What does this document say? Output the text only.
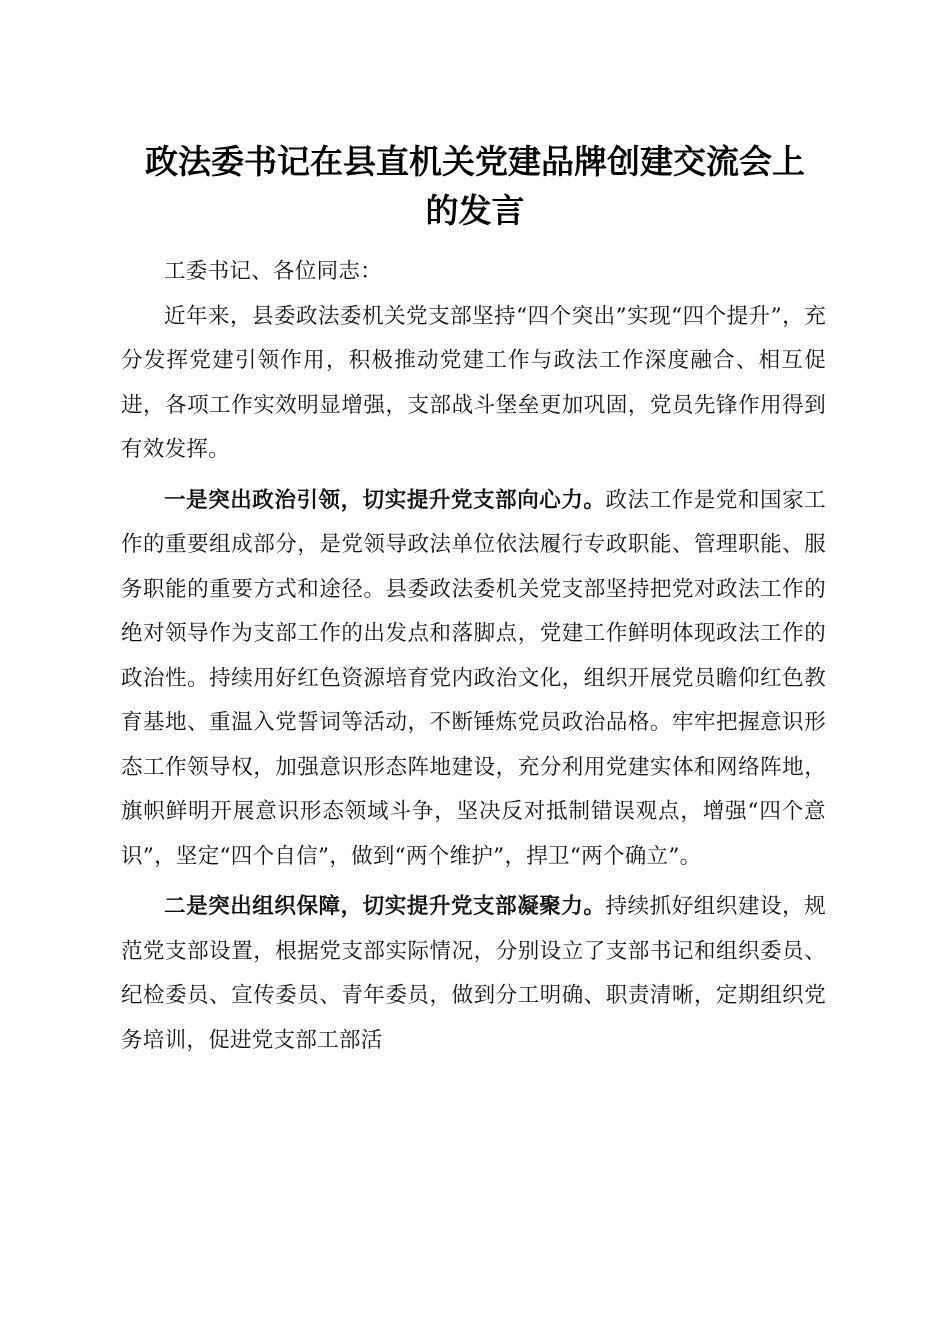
政法委书记在县直机关党建品牌创建交流会上
的发言

工委书记、各位同志：

近年来，县委政法委机关党支部坚持“四个突出”实现“四个提升”，充分发挥党建引领作用，积极推动党建工作与政法工作深度融合、相互促进，各项工作实效明显增强，支部战斗堡垒更加巩固，党员先锋作用得到有效发挥。

一是突出政治引领，切实提升党支部向心力。政法工作是党和国家工作的重要组成部分，是党领导政法单位依法履行专政职能、管理职能、服务职能的重要方式和途径。县委政法委机关党支部坚持把党对政法工作的绝对领导作为支部工作的出发点和落脚点，党建工作鲜明体现政法工作的政治性。持续用好红色资源培育党内政治文化，组织开展党员瞻仰红色教育基地、重温入党誓词等活动，不断锤炼党员政治品格。牢牢把握意识形态工作领导权，加强意识形态阵地建设，充分利用党建实体和网络阵地，旗帜鲜明开展意识形态领域斗争，坚决反对抵制错误观点，增强“四个意识”，坚定“四个自信”，做到“两个维护”，捍卫“两个确立”。

二是突出组织保障，切实提升党支部凝聚力。持续抓好组织建设，规范党支部设置，根据党支部实际情况，分别设立了支部书记和组织委员、纪检委员、宣传委员、青年委员，做到分工明确、职责清晰，定期组织党务培训，促进党支部工部活
